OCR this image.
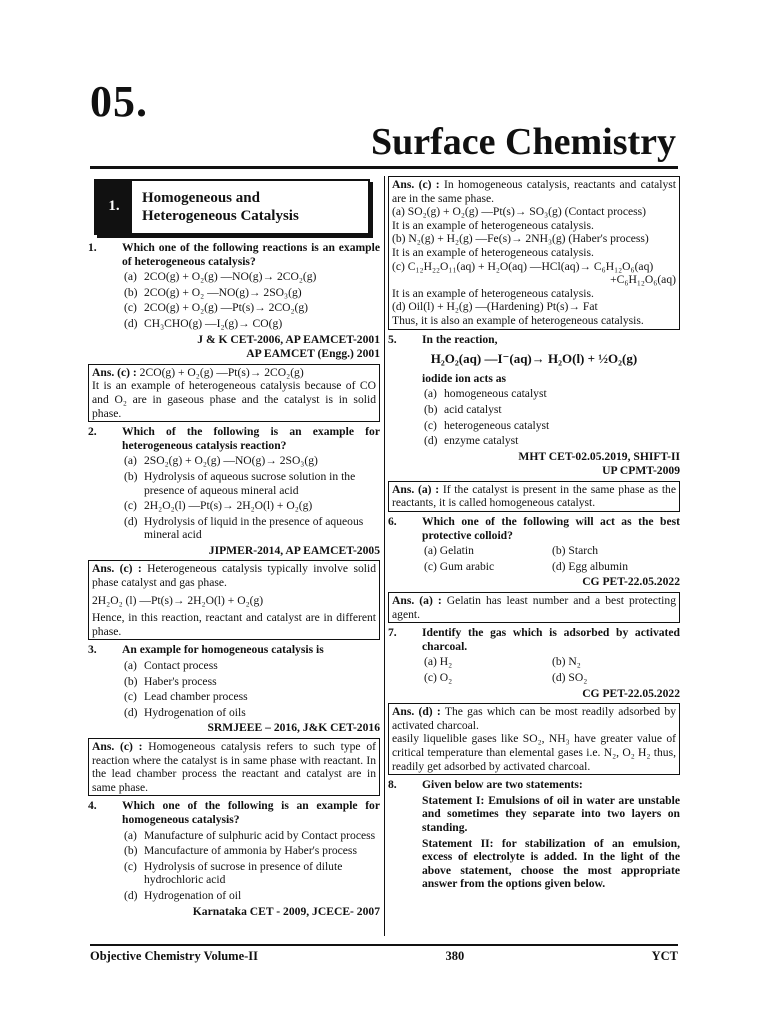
05.
Surface Chemistry
1.
Homogeneous and
Heterogeneous Catalysis
1.	Which one of the following reactions is an example of heterogeneous catalysis?
(a) 2CO(g) + O₂(g) —NO(g)→ 2CO₂(g)
(b) 2CO(g) + O₂ —NO(g)→ 2SO₃(g)
(c) 2CO(g) + O₂(g) —Pt(s)→ 2CO₂(g)
(d) CH₃CHO(g) —I₂(g)→ CO(g)
J & K CET-2006, AP EAMCET-2001
AP EAMCET (Engg.) 2001
Ans. (c) : 2CO(g) + O₂(g) —Pt(s)→ 2CO₂(g)
It is an example of heterogeneous catalysis because of CO and O₂ are in gaseous phase and the catalyst is in solid phase.
2.	Which of the following is an example for heterogeneous catalysis reaction?
(a) 2SO₂(g) + O₂(g) —NO(g)→ 2SO₃(g)
(b) Hydrolysis of aqueous sucrose solution in the presence of aqueous mineral acid
(c) 2H₂O₂(l) —Pt(s)→ 2H₂O(l) + O₂(g)
(d) Hydrolysis of liquid in the presence of aqueous mineral acid
JIPMER-2014, AP EAMCET-2005
Ans. (c) : Heterogeneous catalysis typically involve solid phase catalyst and gas phase.
2H₂O₂ (l) —Pt(s)→ 2H₂O(l) + O₂(g)
Hence, in this reaction, reactant and catalyst are in different phase.
3.	An example for homogeneous catalysis is
(a) Contact process
(b) Haber's process
(c) Lead chamber process
(d) Hydrogenation of oils
SRMJEEE – 2016, J&K CET-2016
Ans. (c) : Homogeneous catalysis refers to such type of reaction where the catalyst is in same phase with reactant. In the lead chamber process the reactant and catalyst are in same phase.
4.	Which one of the following is an example for homogeneous catalysis?
(a) Manufacture of sulphuric acid by Contact process
(b) Mancufacture of ammonia by Haber's process
(c) Hydrolysis of sucrose in presence of dilute hydrochloric acid
(d) Hydrogenation of oil
Karnataka CET - 2009, JCECE- 2007
Ans. (c) : In homogeneous catalysis, reactants and catalyst are in the same phase.
(a) SO₂(g) + O₂(g) —Pt(s)→ SO₃(g) (Contact process)
It is an example of heterogeneous catalysis.
(b) N₂(g) + H₂(g) —Fe(s)→ 2NH₃(g) (Haber's process)
It is an example of heterogeneous catalysis.
(c) C₁₂H₂₂O₁₁(aq) + H₂O(aq) —HCl(aq)→ C₆H₁₂O₆(aq)
+C₆H₁₂O₆(aq)
It is an example of heterogeneous catalysis.
(d) Oil(l) + H₂(g) —(Hardening) Pt(s)→ Fat
Thus, it is also an example of heterogeneous catalysis.
5.	In the reaction,
H₂O₂(aq) —I⁻(aq)→ H₂O(l) + ½O₂(g)
iodide ion acts as
(a) homogeneous catalyst
(b) acid catalyst
(c) heterogeneous catalyst
(d) enzyme catalyst
MHT CET-02.05.2019, SHIFT-II
UP CPMT-2009
Ans. (a) : If the catalyst is present in the same phase as the reactants, it is called homogeneous catalyst.
6.	Which one of the following will act as the best protective colloid?
(a) Gelatin	(b) Starch
(c) Gum arabic	(d) Egg albumin
CG PET-22.05.2022
Ans. (a) : Gelatin has least number and a best protecting agent.
7.	Identify the gas which is adsorbed by activated charcoal.
(a) H₂	(b) N₂
(c) O₂	(d) SO₂
CG PET-22.05.2022
Ans. (d) : The gas which can be most readily adsorbed by activated charcoal.
easily liquelible gases like SO₂, NH₃ have greater value of critical temperature than elemental gases i.e. N₂, O₂ H₂ thus, readily get adsorbed by activated charcoal.
8.	Given below are two statements:
Statement I: Emulsions of oil in water are unstable and sometimes they separate into two layers on standing.
Statement II: for stabilization of an emulsion, excess of electrolyte is added. In the light of the above statement, choose the most appropriate answer from the options given below.
Objective Chemistry Volume-II	380	YCT
